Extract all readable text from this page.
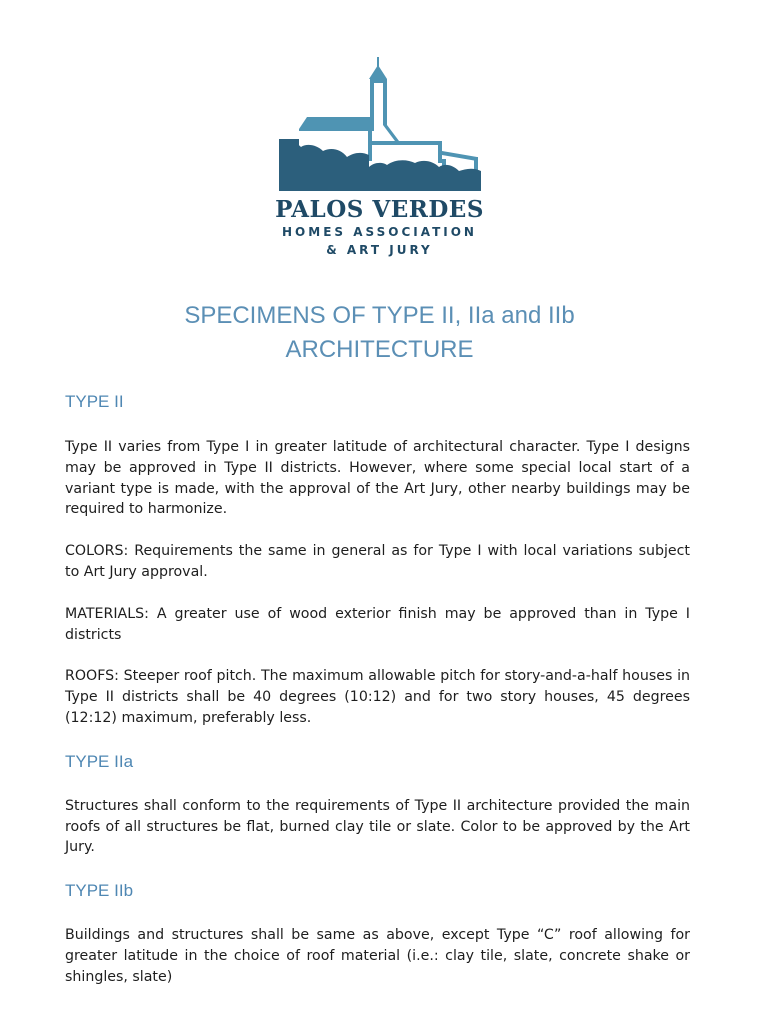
PALOS VERDES
HOMES ASSOCIATION
& ART JURY
SPECIMENS OF TYPE II, IIa and IIb
ARCHITECTURE
TYPE II

Type II varies from Type I in greater latitude of architectural character. Type I designs may be approved in Type II districts. However, where some special local start of a variant type is made, with the approval of the Art Jury, other nearby buildings may be required to harmonize.

COLORS: Requirements the same in general as for Type I with local variations subject to Art Jury approval.

MATERIALS: A greater use of wood exterior finish may be approved than in Type I districts

ROOFS: Steeper roof pitch. The maximum allowable pitch for story-and-a-half houses in Type II districts shall be 40 degrees (10:12) and for two story houses, 45 degrees (12:12) maximum, preferably less.

TYPE IIa

Structures shall conform to the requirements of Type II architecture provided the main roofs of all structures be flat, burned clay tile or slate. Color to be approved by the Art Jury.

TYPE IIb

Buildings and structures shall be same as above, except Type “C” roof allowing for greater latitude in the choice of roof material (i.e.: clay tile, slate, concrete shake or shingles, slate)
